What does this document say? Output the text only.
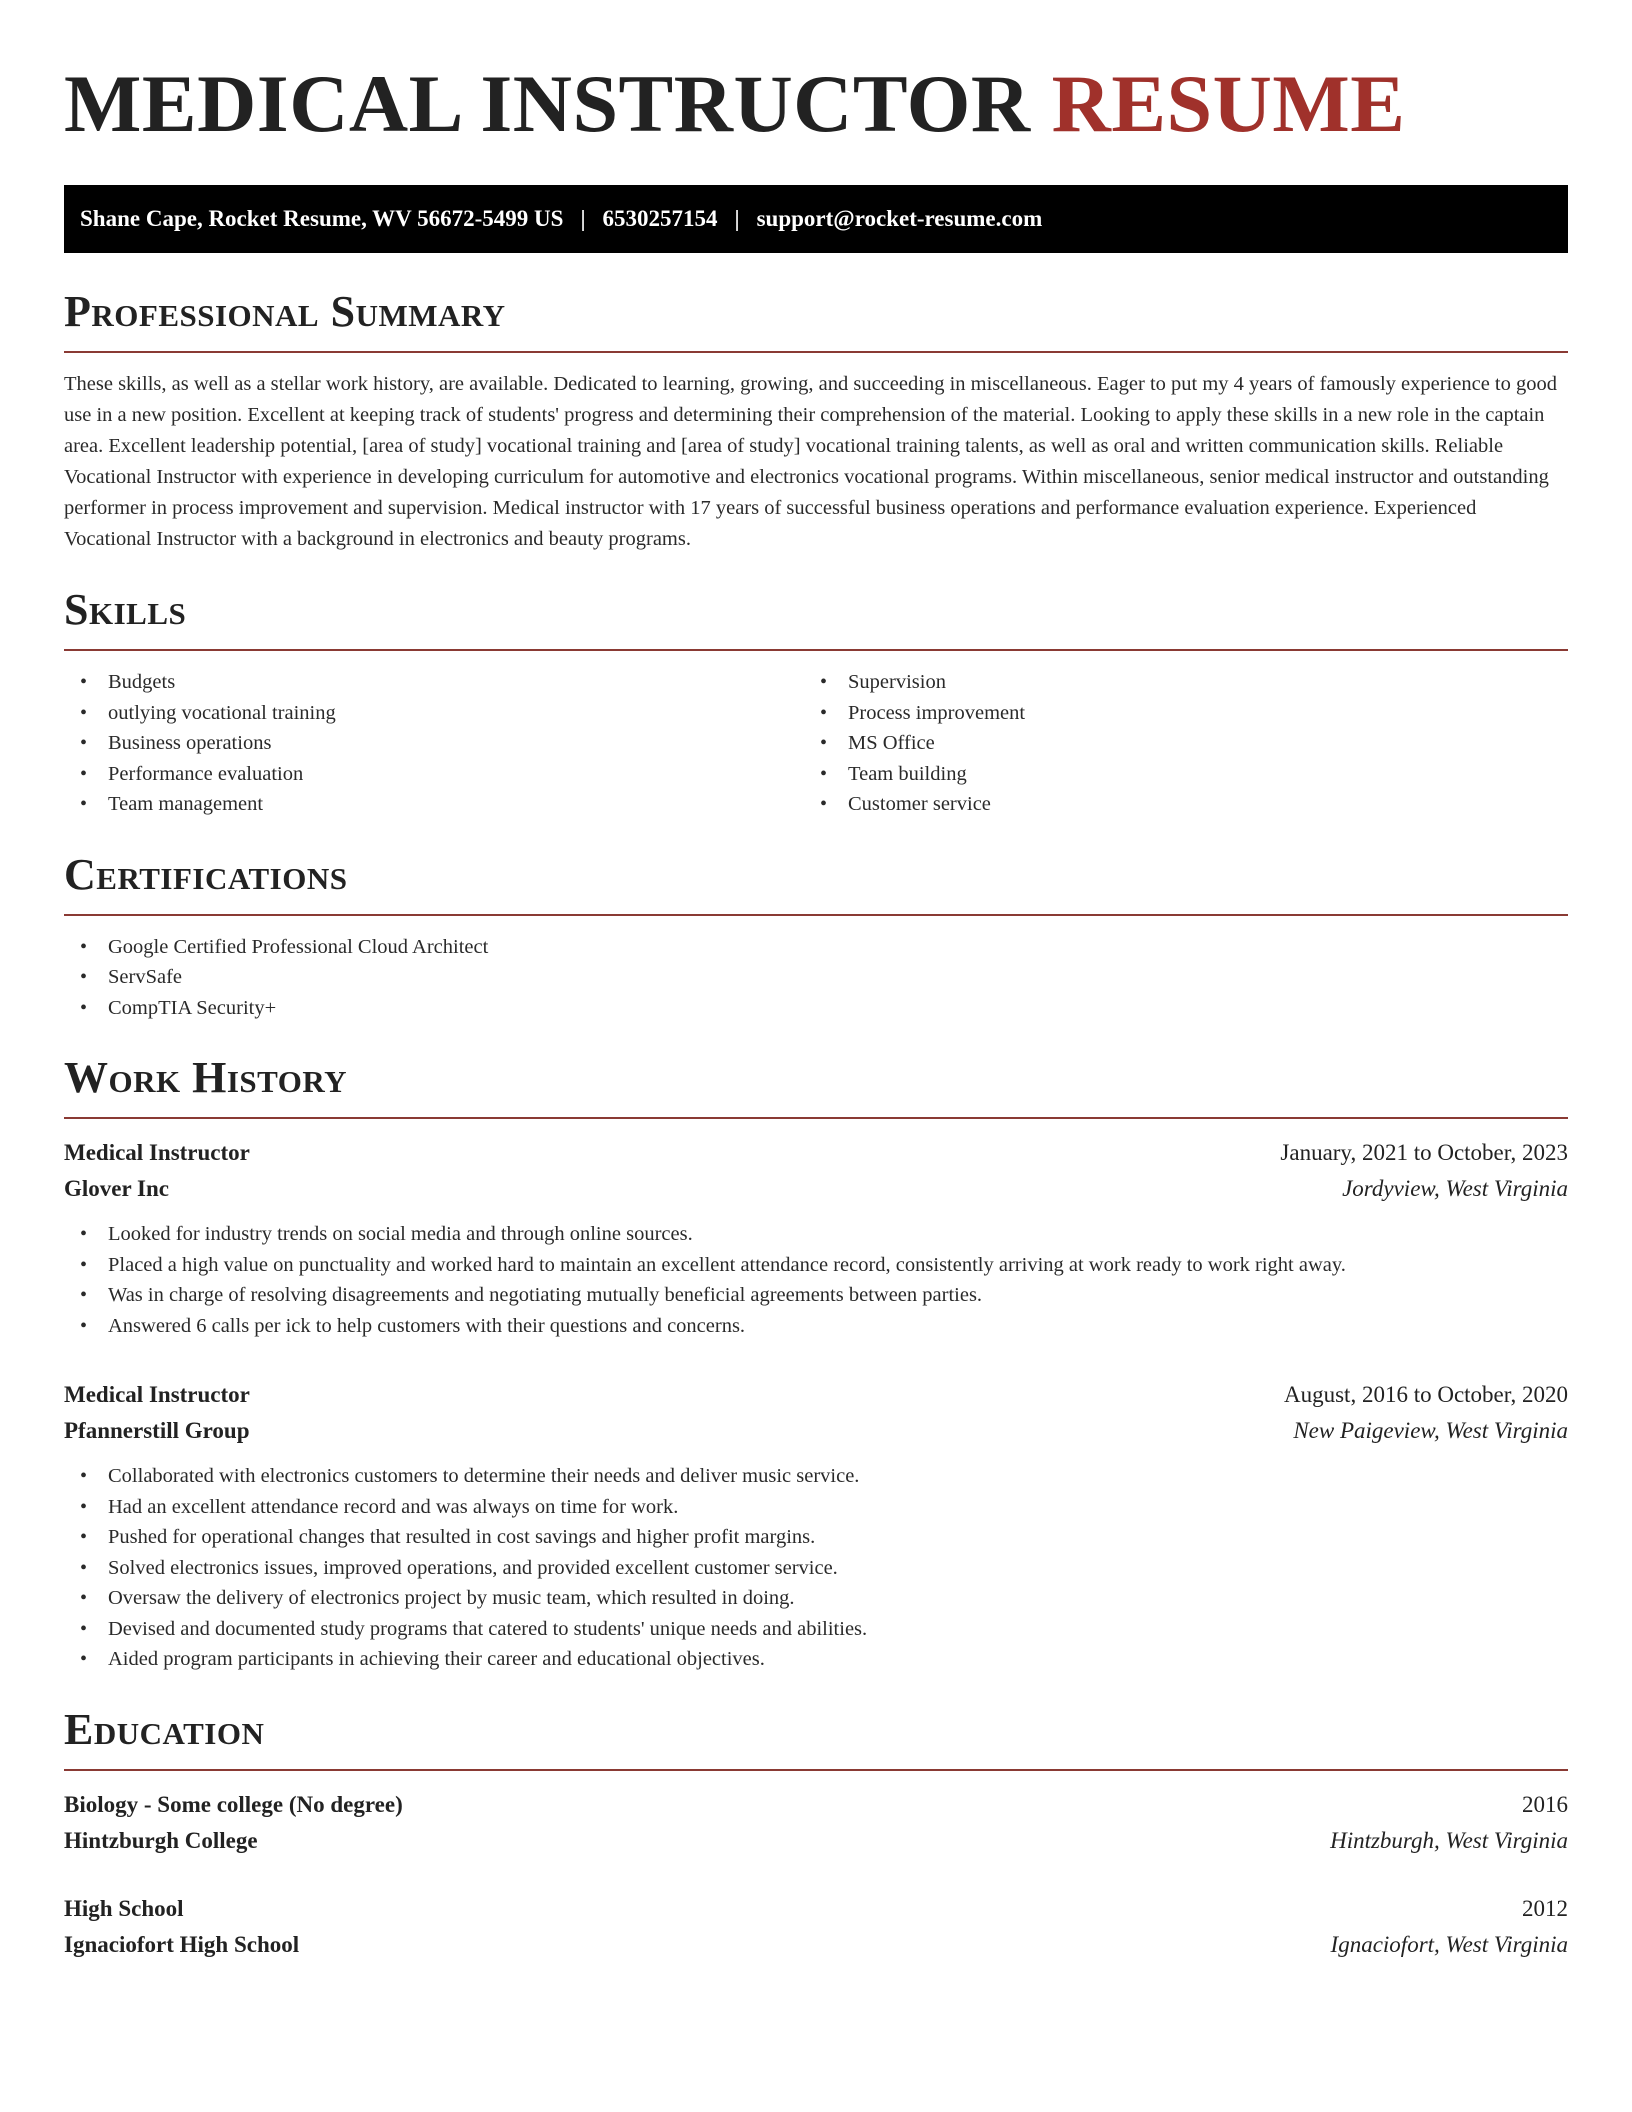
MEDICAL INSTRUCTOR RESUME
Shane Cape, Rocket Resume, WV 56672-5499 US | 6530257154 | support@rocket-resume.com
Professional Summary

These skills, as well as a stellar work history, are available. Dedicated to learning, growing, and succeeding in miscellaneous. Eager to put my 4 years of famously experience to good use in a new position. Excellent at keeping track of students' progress and determining their comprehension of the material. Looking to apply these skills in a new role in the captain area. Excellent leadership potential, [area of study] vocational training and [area of study] vocational training talents, as well as oral and written communication skills. Reliable Vocational Instructor with experience in developing curriculum for automotive and electronics vocational programs. Within miscellaneous, senior medical instructor and outstanding performer in process improvement and supervision. Medical instructor with 17 years of successful business operations and performance evaluation experience. Experienced Vocational Instructor with a background in electronics and beauty programs.

Skills
• Budgets
• outlying vocational training
• Business operations
• Performance evaluation
• Team management
• Supervision
• Process improvement
• MS Office
• Team building
• Customer service
Certifications
• Google Certified Professional Cloud Architect
• ServSafe
• CompTIA Security+
Work History
Medical Instructor	January, 2021 to October, 2023
Glover Inc	Jordyview, West Virginia
• Looked for industry trends on social media and through online sources.
• Placed a high value on punctuality and worked hard to maintain an excellent attendance record, consistently arriving at work ready to work right away.
• Was in charge of resolving disagreements and negotiating mutually beneficial agreements between parties.
• Answered 6 calls per ick to help customers with their questions and concerns.
Medical Instructor	August, 2016 to October, 2020
Pfannerstill Group	New Paigeview, West Virginia
• Collaborated with electronics customers to determine their needs and deliver music service.
• Had an excellent attendance record and was always on time for work.
• Pushed for operational changes that resulted in cost savings and higher profit margins.
• Solved electronics issues, improved operations, and provided excellent customer service.
• Oversaw the delivery of electronics project by music team, which resulted in doing.
• Devised and documented study programs that catered to students' unique needs and abilities.
• Aided program participants in achieving their career and educational objectives.
Education
Biology - Some college (No degree)	2016
Hintzburgh College	Hintzburgh, West Virginia
High School	2012
Ignaciofort High School	Ignaciofort, West Virginia
